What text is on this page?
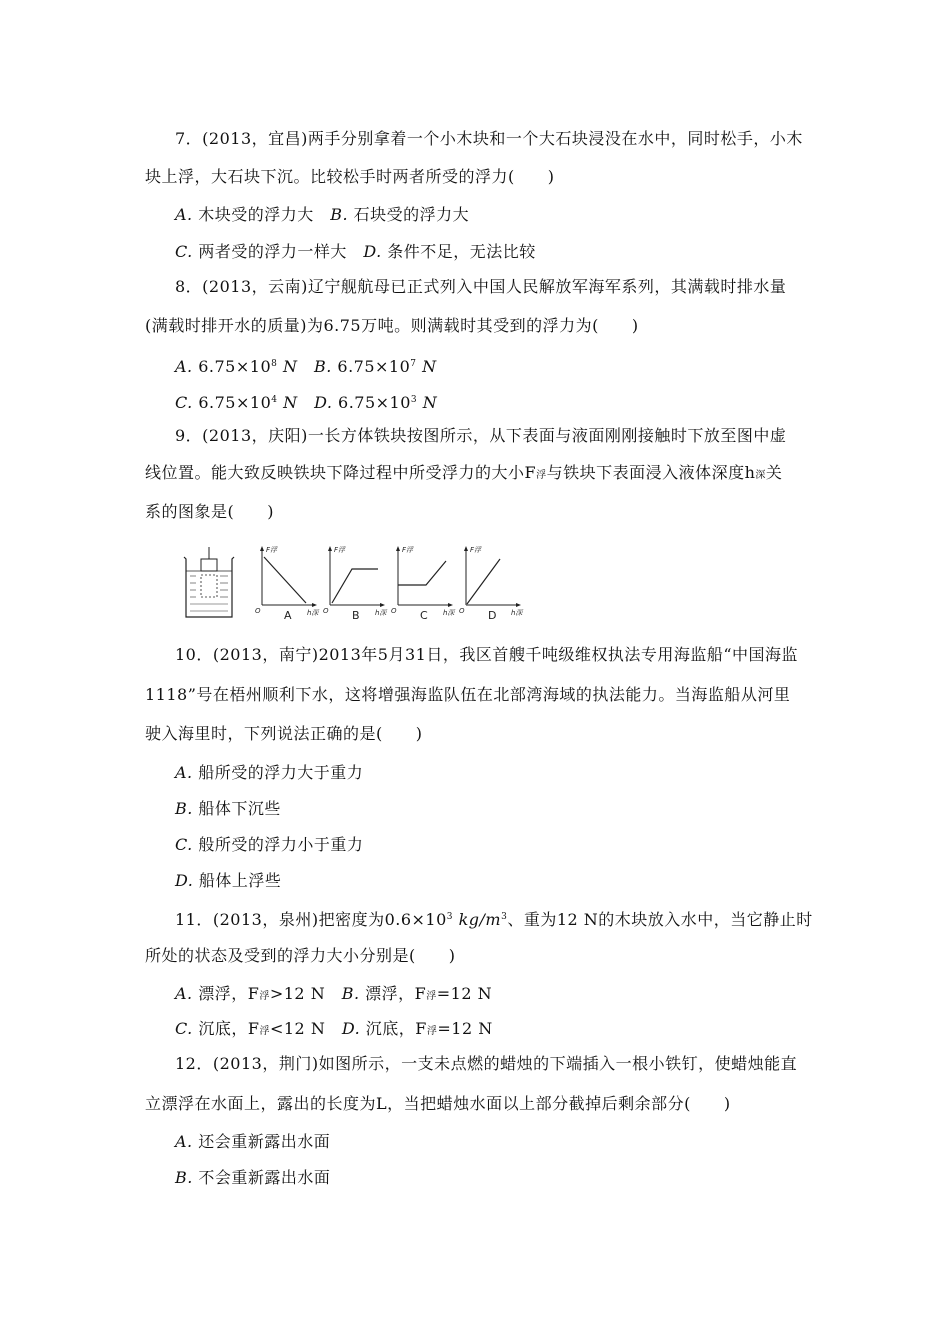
7．(2013，宜昌)两手分别拿着一个小木块和一个大石块浸没在水中，同时松手，小木
块上浮，大石块下沉。比较松手时两者所受的浮力(　　)
A. 木块受的浮力大　B. 石块受的浮力大
C. 两者受的浮力一样大　D. 条件不足，无法比较
8．(2013，云南)辽宁舰航母已正式列入中国人民解放军海军系列，其满载时排水量
(满载时排开水的质量)为6.75万吨。则满载时其受到的浮力为(　　)
A. $6.75\times 10^8$ N　B. $6.75\times 10^7$ N
C. $6.75\times 10^4$ N　D. $6.75\times 10^3$ N
9．(2013，庆阳)一长方体铁块按图所示，从下表面与液面刚刚接触时下放至图中虚
线位置。能大致反映铁块下降过程中所受浮力的大小F浮与铁块下表面浸入液体深度h深关
系的图象是(　　)
F浮
O	h深
A
F浮
O	h深
B
F浮
O	h深
C
F浮
O	h深
D
10．(2013，南宁)2013年5月31日，我区首艘千吨级维权执法专用海监船“中国海监
1118”号在梧州顺利下水，这将增强海监队伍在北部湾海域的执法能力。当海监船从河里
驶入海里时，下列说法正确的是(　　)
A. 船所受的浮力大于重力
B. 船体下沉些
C. 般所受的浮力小于重力
D. 船体上浮些
11．(2013，泉州)把密度为$0.6\times 10^3$ $kg/m^3$、重为12 N的木块放入水中，当它静止时
所处的状态及受到的浮力大小分别是(　　)
A. 漂浮，F浮>12 N　B. 漂浮，F浮=12 N
C. 沉底，F浮<12 N　D. 沉底，F浮=12 N
12．(2013，荆门)如图所示，一支未点燃的蜡烛的下端插入一根小铁钉，使蜡烛能直
立漂浮在水面上，露出的长度为L，当把蜡烛水面以上部分截掉后剩余部分(　　)
A. 还会重新露出水面
B. 不会重新露出水面
